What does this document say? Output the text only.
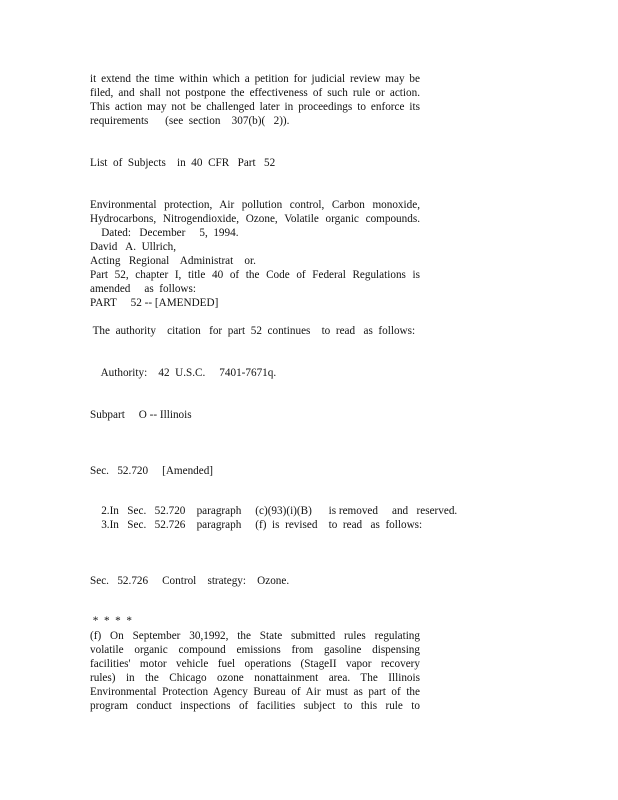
it extend the time within which a petition for judicial review may be
filed, and shall not postpone the effectiveness of such rule or action.
This action may not be challenged later in proceedings to enforce its
requirements      (see  section    307(b)(   2)).
List  of  Subjects    in  40  CFR   Part   52
Environmental protection, Air pollution control, Carbon monoxide,
Hydrocarbons, Nitrogendioxide, Ozone, Volatile organic compounds.
Dated:   December     5,  1994.
David   A.  Ullrich,
Acting   Regional    Administrat    or.
Part 52, chapter I, title 40 of the Code of Federal Regulations is
amended     as  follows:
PART     52 -- [AMENDED]
The  authority    citation   for  part  52  continues    to  read   as  follows:
Authority:    42  U.S.C.     7401-7671q.
Subpart     O -- Illinois
Sec.   52.720     [Amended]
2.In   Sec.   52.720    paragraph     (c)(93)(i)(B)      is removed     and   reserved.
3.In   Sec.   52.726    paragraph     (f)  is  revised    to  read   as  follows:
Sec.   52.726     Control    strategy:    Ozone.
*  *  *  *
(f) On September 30,1992, the State submitted rules regulating
volatile organic compound emissions from gasoline dispensing
facilities' motor vehicle fuel operations (StageII vapor recovery
rules) in the Chicago ozone nonattainment area. The Illinois
Environmental Protection Agency Bureau of Air must as part of the
program conduct inspections of facilities subject to this rule to
